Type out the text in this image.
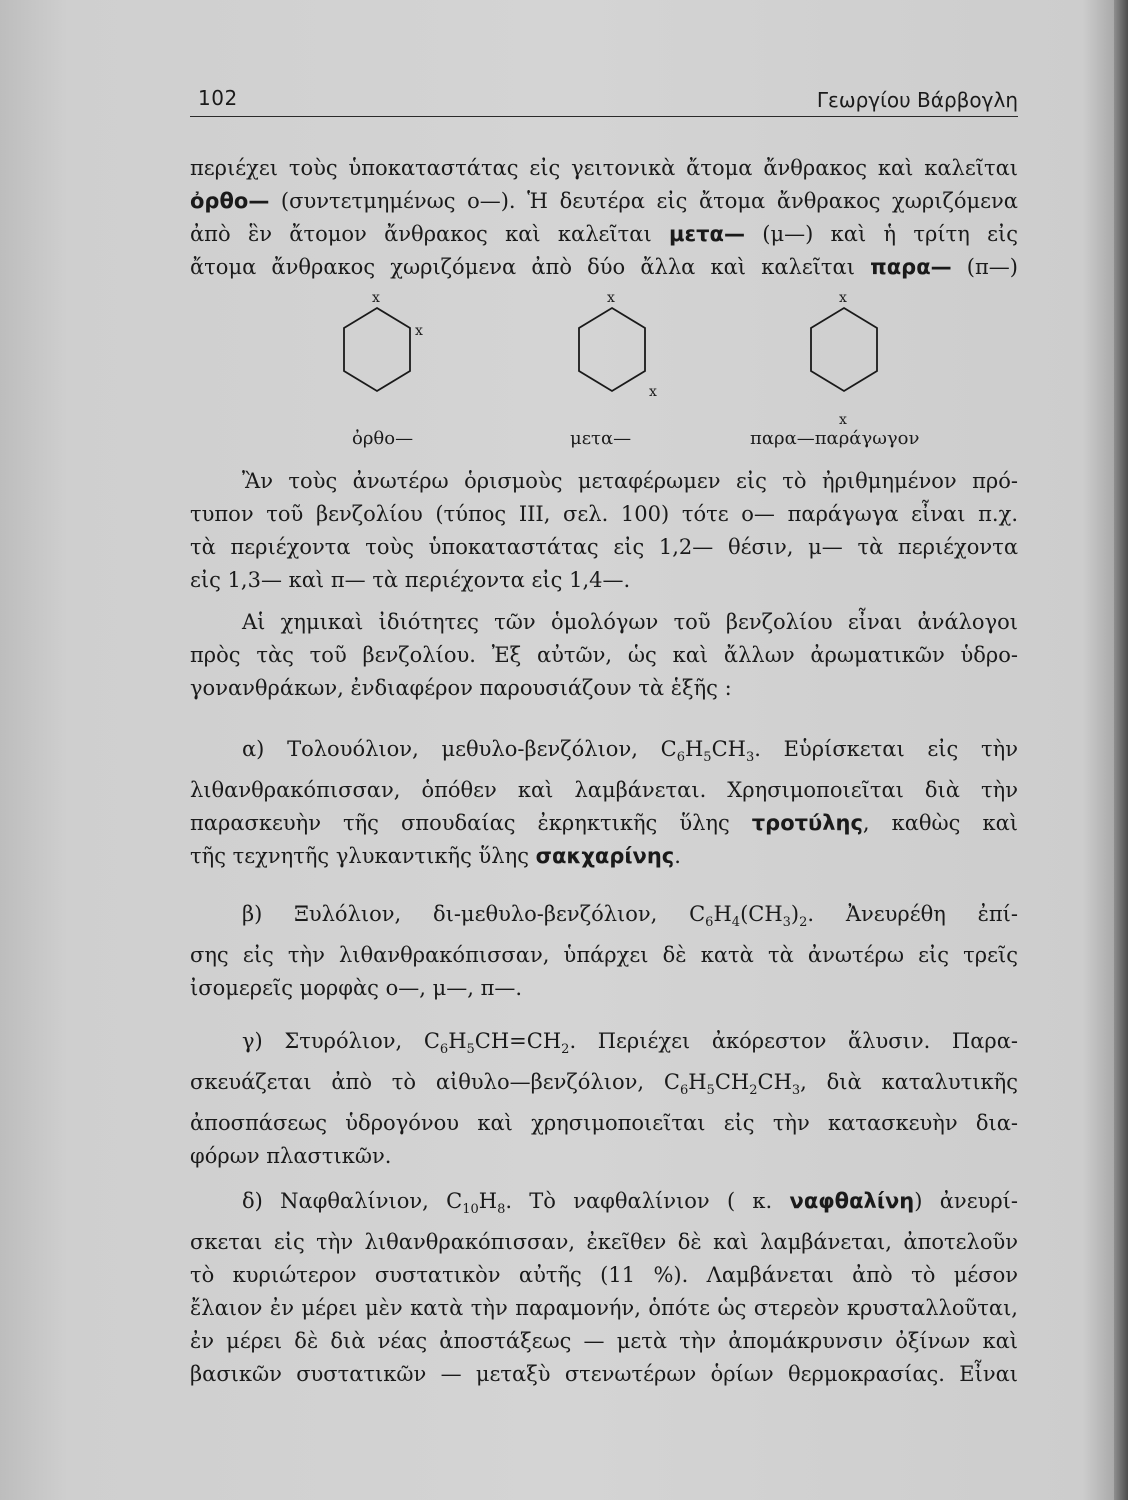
102	Γεωργίου Βάρβογλη
περιέχει τοὺς ὑποκαταστάτας εἰς γειτονικὰ ἄτομα ἄνθρακος καὶ καλεῖται
ὀρθο— (συντετμημένως ο—). Ἡ δευτέρα εἰς ἄτομα ἄνθρακος χωριζόμενα
ἀπὸ ἓν ἄτομον ἄνθρακος καὶ καλεῖται μετα— (μ—) καὶ ἡ τρίτη εἰς
ἄτομα ἄνθρακος χωριζόμενα ἀπὸ δύο ἄλλα καὶ καλεῖται παρα— (π—)
x
x
x
x
x
x
ὀρθο—	μετα—	παρα—παράγωγον
Ἂν τοὺς ἀνωτέρω ὁρισμοὺς μεταφέρωμεν εἰς τὸ ἠριθμημένον πρό-
τυπον τοῦ βενζολίου (τύπος III, σελ. 100) τότε ο— παράγωγα εἶναι π.χ.
τὰ περιέχοντα τοὺς ὑποκαταστάτας εἰς 1,2— θέσιν, μ— τὰ περιέχοντα
εἰς 1,3— καὶ π— τὰ περιέχοντα εἰς 1,4—.
Αἱ χημικαὶ ἰδιότητες τῶν ὁμολόγων τοῦ βενζολίου εἶναι ἀνάλογοι
πρὸς τὰς τοῦ βενζολίου. Ἐξ αὐτῶν, ὡς καὶ ἄλλων ἀρωματικῶν ὑδρο-
γονανθράκων, ἐνδιαφέρον παρουσιάζουν τὰ ἑξῆς :
α) Τολουόλιον, μεθυλο-βενζόλιον, $C_6H_5CH_3$. Εὑρίσκεται εἰς τὴν
λιθανθρακόπισσαν, ὁπόθεν καὶ λαμβάνεται. Χρησιμοποιεῖται διὰ τὴν
παρασκευὴν τῆς σπουδαίας ἐκρηκτικῆς ὕλης τροτύλης, καθὼς καὶ
τῆς τεχνητῆς γλυκαντικῆς ὕλης σακχαρίνης.
β) Ξυλόλιον, δι-μεθυλο-βενζόλιον, $C_6H_4(CH_3)_2$. Ἀνευρέθη ἐπί-
σης εἰς τὴν λιθανθρακόπισσαν, ὑπάρχει δὲ κατὰ τὰ ἀνωτέρω εἰς τρεῖς
ἰσομερεῖς μορφὰς ο—, μ—, π—.
γ) Στυρόλιον, $C_6H_5CH=CH_2$. Περιέχει ἀκόρεστον ἅλυσιν. Παρα-
σκευάζεται ἀπὸ τὸ αἰθυλο—βενζόλιον, $C_6H_5CH_2CH_3$, διὰ καταλυτικῆς
ἀποσπάσεως ὑδρογόνου καὶ χρησιμοποιεῖται εἰς τὴν κατασκευὴν δια-
φόρων πλαστικῶν.
δ) Ναφθαλίνιον, $C_{10}H_8$. Τὸ ναφθαλίνιον ( κ. ναφθαλίνη) ἀνευρί-
σκεται εἰς τὴν λιθανθρακόπισσαν, ἐκεῖθεν δὲ καὶ λαμβάνεται, ἀποτελοῦν
τὸ κυριώτερον συστατικὸν αὐτῆς (11 %). Λαμβάνεται ἀπὸ τὸ μέσον
ἔλαιον ἐν μέρει μὲν κατὰ τὴν παραμονήν, ὁπότε ὡς στερεὸν κρυσταλλοῦται,
ἐν μέρει δὲ διὰ νέας ἀποστάξεως — μετὰ τὴν ἀπομάκρυνσιν ὀξίνων καὶ
βασικῶν συστατικῶν — μεταξὺ στενωτέρων ὁρίων θερμοκρασίας. Εἶναι
